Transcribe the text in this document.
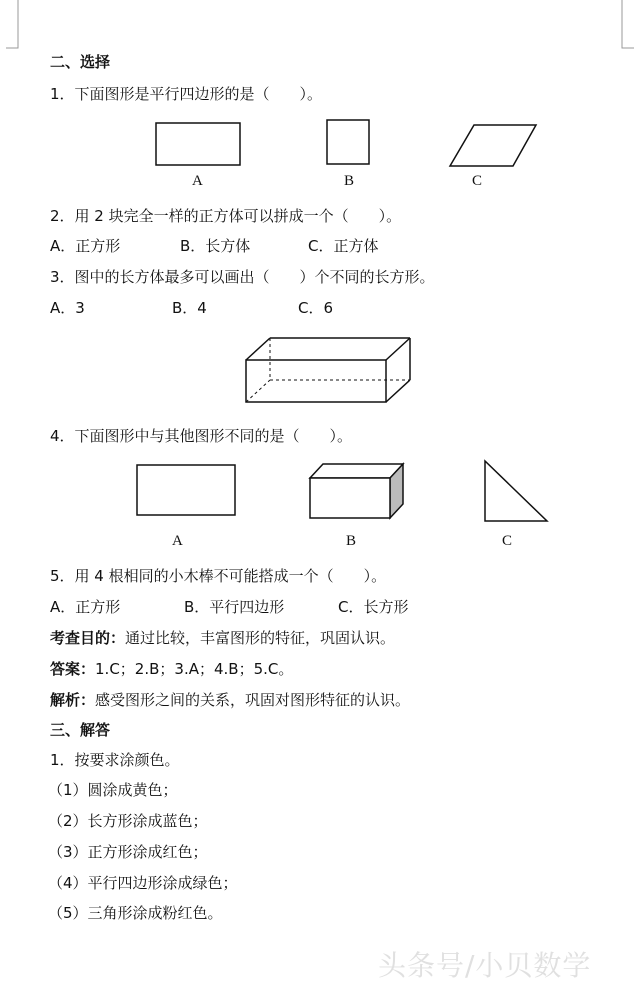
二、选择
1．下面图形是平行四边形的是（　　）。
A	B	C
2．用 2 块完全一样的正方体可以拼成一个（　　）。
A．正方形	B．长方体	C．正方体
3．图中的长方体最多可以画出（　　）个不同的长方形。
A．3	B．4	C．6
4．下面图形中与其他图形不同的是（　　）。
A	B	C
5．用 4 根相同的小木棒不可能搭成一个（　　）。
A．正方形	B．平行四边形	C．长方形
考查目的：通过比较，丰富图形的特征，巩固认识。
答案：1.C；2.B；3.A；4.B；5.C。
解析：感受图形之间的关系，巩固对图形特征的认识。
三、解答
1．按要求涂颜色。
（1）圆涂成黄色；
（2）长方形涂成蓝色；
（3）正方形涂成红色；
（4）平行四边形涂成绿色；
（5）三角形涂成粉红色。
头条号/小贝数学
